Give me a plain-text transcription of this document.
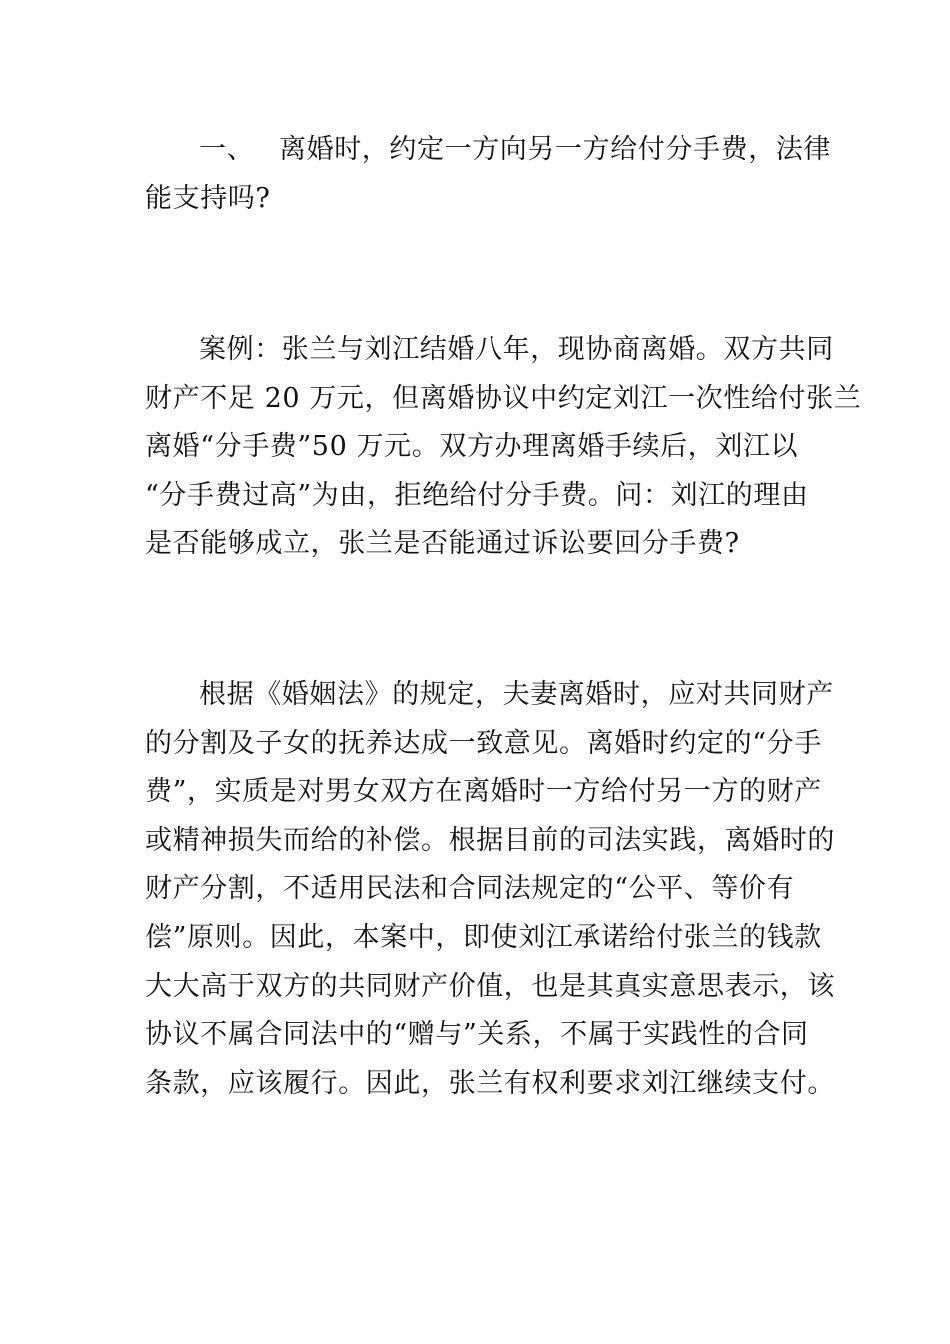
一、 离婚时，约定一方向另一方给付分手费，法律
能支持吗?
案例：张兰与刘江结婚八年，现协商离婚。双方共同
财产不足 20 万元，但离婚协议中约定刘江一次性给付张兰
离婚“分手费”50 万元。双方办理离婚手续后，刘江以
“分手费过高”为由，拒绝给付分手费。问：刘江的理由
是否能够成立，张兰是否能通过诉讼要回分手费?
根据《婚姻法》的规定，夫妻离婚时，应对共同财产
的分割及子女的抚养达成一致意见。离婚时约定的“分手
费”，实质是对男女双方在离婚时一方给付另一方的财产
或精神损失而给的补偿。根据目前的司法实践，离婚时的
财产分割，不适用民法和合同法规定的“公平、等价有
偿”原则。因此，本案中，即使刘江承诺给付张兰的钱款
大大高于双方的共同财产价值，也是其真实意思表示，该
协议不属合同法中的“赠与”关系，不属于实践性的合同
条款，应该履行。因此，张兰有权利要求刘江继续支付。
